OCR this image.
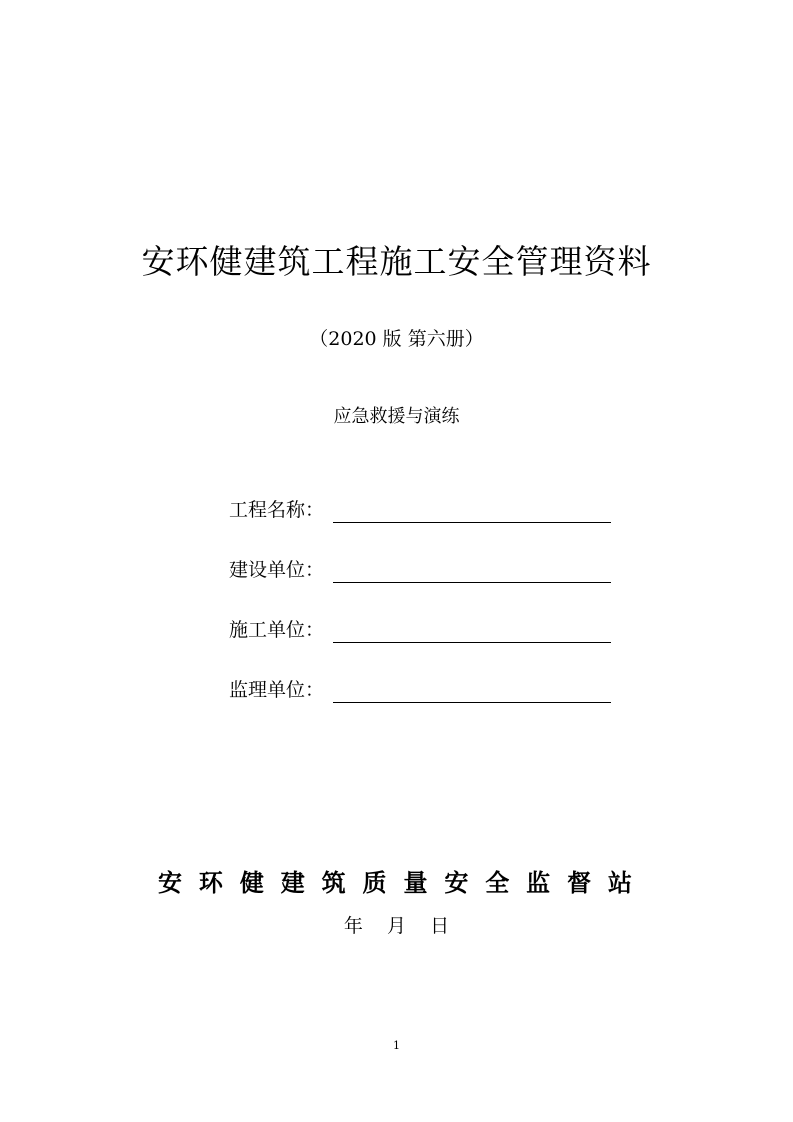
安环健建筑工程施工安全管理资料
（2020 版 第六册）
应急救援与演练
工程名称：
建设单位：
施工单位：
监理单位：
安 环 健 建 筑 质 量 安 全 监 督 站
年    月    日
1
